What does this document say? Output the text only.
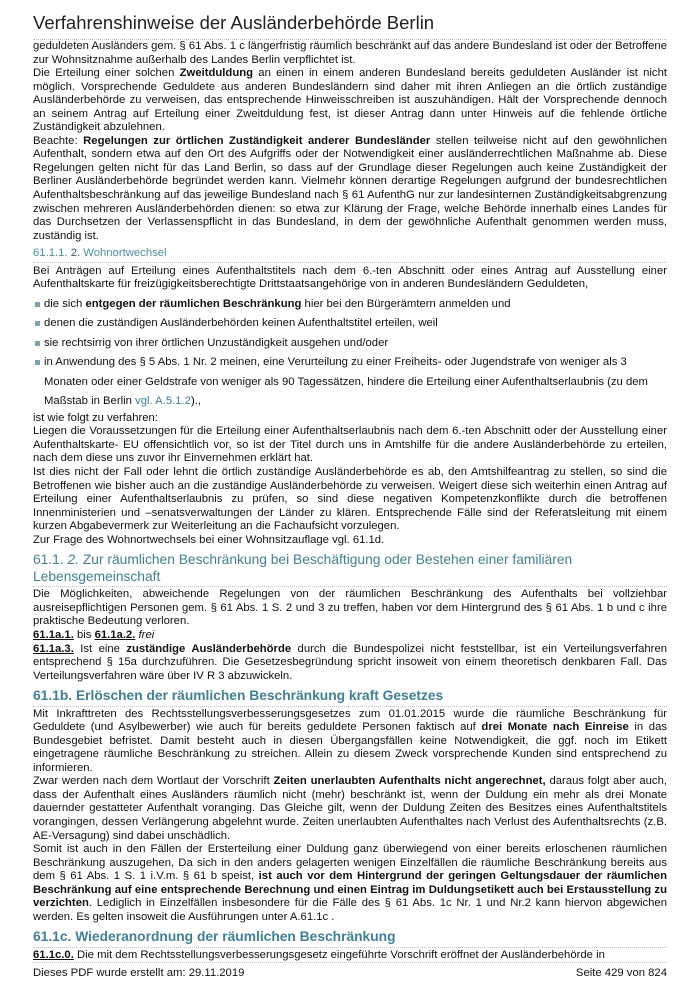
Verfahrenshinweise der Ausländerbehörde Berlin

geduldeten Ausländers gem. § 61 Abs. 1 c längerfristig räumlich beschränkt auf das andere Bundesland ist oder der Betroffene zur Wohnsitznahme außerhalb des Landes Berlin verpflichtet ist.

Die Erteilung einer solchen Zweitduldung an einen in einem anderen Bundesland bereits geduldeten Ausländer ist nicht möglich. Vorsprechende Geduldete aus anderen Bundesländern sind daher mit ihren Anliegen an die örtlich zuständige Ausländerbehörde zu verweisen, das entsprechende Hinweisschreiben ist auszuhändigen. Hält der Vorsprechende dennoch an seinem Antrag auf Erteilung einer Zweitduldung fest, ist dieser Antrag dann unter Hinweis auf die fehlende örtliche Zuständigkeit abzulehnen.

Beachte: Regelungen zur örtlichen Zuständigkeit anderer Bundesländer stellen teilweise nicht auf den gewöhnlichen Aufenthalt, sondern etwa auf den Ort des Aufgriffs oder der Notwendigkeit einer ausländerrechtlichen Maßnahme ab. Diese Regelungen gelten nicht für das Land Berlin, so dass auf der Grundlage dieser Regelungen auch keine Zuständigkeit der Berliner Ausländerbehörde begründet werden kann. Vielmehr können derartige Regelungen aufgrund der bundesrechtlichen Aufenthaltsbeschränkung auf das jeweilige Bundesland nach § 61 AufenthG nur zur landesinternen Zuständigkeitsabgrenzung zwischen mehreren Ausländerbehörden dienen: so etwa zur Klärung der Frage, welche Behörde innerhalb eines Landes für das Durchsetzen der Verlassenspflicht in das Bundesland, in dem der gewöhnliche Aufenthalt genommen werden muss, zuständig ist.

61.1.1. 2. Wohnortwechsel

Bei Anträgen auf Erteilung eines Aufenthaltstitels nach dem 6.-ten Abschnitt oder eines Antrag auf Ausstellung einer Aufenthaltskarte für freizügigkeitsberechtigte Drittstaatsangehörige von in anderen Bundesländern Geduldeten,

die sich entgegen der räumlichen Beschränkung hier bei den Bürgerämtern anmelden und
denen die zuständigen Ausländerbehörden keinen Aufenthaltstitel erteilen, weil
sie rechtsirrig von ihrer örtlichen Unzuständigkeit ausgehen und/oder
in Anwendung des § 5 Abs. 1 Nr. 2 meinen, eine Verurteilung zu einer Freiheits- oder Jugendstrafe von weniger als 3 Monaten oder einer Geldstrafe von weniger als 90 Tagessätzen, hindere die Erteilung einer Aufenthaltserlaubnis (zu dem Maßstab in Berlin vgl. A.5.1.2).,

ist wie folgt zu verfahren:

Liegen die Voraussetzungen für die Erteilung einer Aufenthaltserlaubnis nach dem 6.-ten Abschnitt oder der Ausstellung einer Aufenthaltskarte- EU offensichtlich vor, so ist der Titel durch uns in Amtshilfe für die andere Ausländerbehörde zu erteilen, nach dem diese uns zuvor ihr Einvernehmen erklärt hat.

Ist dies nicht der Fall oder lehnt die örtlich zuständige Ausländerbehörde es ab, den Amtshilfeantrag zu stellen, so sind die Betroffenen wie bisher auch an die zuständige Ausländerbehörde zu verweisen. Weigert diese sich weiterhin einen Antrag auf Erteilung einer Aufenthaltserlaubnis zu prüfen, so sind diese negativen Kompetenzkonflikte durch die betroffenen Innenministerien und –senatsverwaltungen der Länder zu klären. Entsprechende Fälle sind der Referatsleitung mit einem kurzen Abgabevermerk zur Weiterleitung an die Fachaufsicht vorzulegen.

Zur Frage des Wohnortwechsels bei einer Wohnsitzauflage vgl. 61.1d.

61.1. 2. Zur räumlichen Beschränkung bei Beschäftigung oder Bestehen einer familiären Lebensgemeinschaft

Die Möglichkeiten, abweichende Regelungen von der räumlichen Beschränkung des Aufenthalts bei vollziehbar ausreisepflichtigen Personen gem. § 61 Abs. 1 S. 2 und 3 zu treffen, haben vor dem Hintergrund des § 61 Abs. 1 b und c ihre praktische Bedeutung verloren.

61.1a.1. bis 61.1a.2. frei

61.1a.3. Ist eine zuständige Ausländerbehörde durch die Bundespolizei nicht feststellbar, ist ein Verteilungsverfahren entsprechend § 15a durchzuführen. Die Gesetzesbegründung spricht insoweit von einem theoretisch denkbaren Fall. Das Verteilungsverfahren wäre über IV R 3 abzuwickeln.

61.1b. Erlöschen der räumlichen Beschränkung kraft Gesetzes

Mit Inkrafttreten des Rechtsstellungsverbesserungsgesetzes zum 01.01.2015 wurde die räumliche Beschränkung für Geduldete (und Asylbewerber) wie auch für bereits geduldete Personen faktisch auf drei Monate nach Einreise in das Bundesgebiet befristet. Damit besteht auch in diesen Übergangsfällen keine Notwendigkeit, die ggf. noch im Etikett eingetragene räumliche Beschränkung zu streichen. Allein zu diesem Zweck vorsprechende Kunden sind entsprechend zu informieren.

Zwar werden nach dem Wortlaut der Vorschrift Zeiten unerlaubten Aufenthalts nicht angerechnet, daraus folgt aber auch, dass der Aufenthalt eines Ausländers räumlich nicht (mehr) beschränkt ist, wenn der Duldung ein mehr als drei Monate dauernder gestatteter Aufenthalt voranging. Das Gleiche gilt, wenn der Duldung Zeiten des Besitzes eines Aufenthaltstitels vorangingen, dessen Verlängerung abgelehnt wurde. Zeiten unerlaubten Aufenthaltes nach Verlust des Aufenthaltsrechts (z.B. AE-Versagung) sind dabei unschädlich.

Somit ist auch in den Fällen der Ersterteilung einer Duldung ganz überwiegend von einer bereits erloschenen räumlichen Beschränkung auszugehen, Da sich in den anders gelagerten wenigen Einzelfällen die räumliche Beschränkung bereits aus dem § 61 Abs. 1 S. 1 i.V.m. § 61 b speist, ist auch vor dem Hintergrund der geringen Geltungsdauer der räumlichen Beschränkung auf eine entsprechende Berechnung und einen Eintrag im Duldungsetikett auch bei Erstausstellung zu verzichten. Lediglich in Einzelfällen insbesondere für die Fälle des § 61 Abs. 1c Nr. 1 und Nr.2 kann hiervon abgewichen werden. Es gelten insoweit die Ausführungen unter A.61.1c .

61.1c. Wiederanordnung der räumlichen Beschränkung

61.1c.0. Die mit dem Rechtsstellungsverbesserungsgesetz eingeführte Vorschrift eröffnet der Ausländerbehörde in

Dieses PDF wurde erstellt am: 29.11.2019	Seite 429 von 824
